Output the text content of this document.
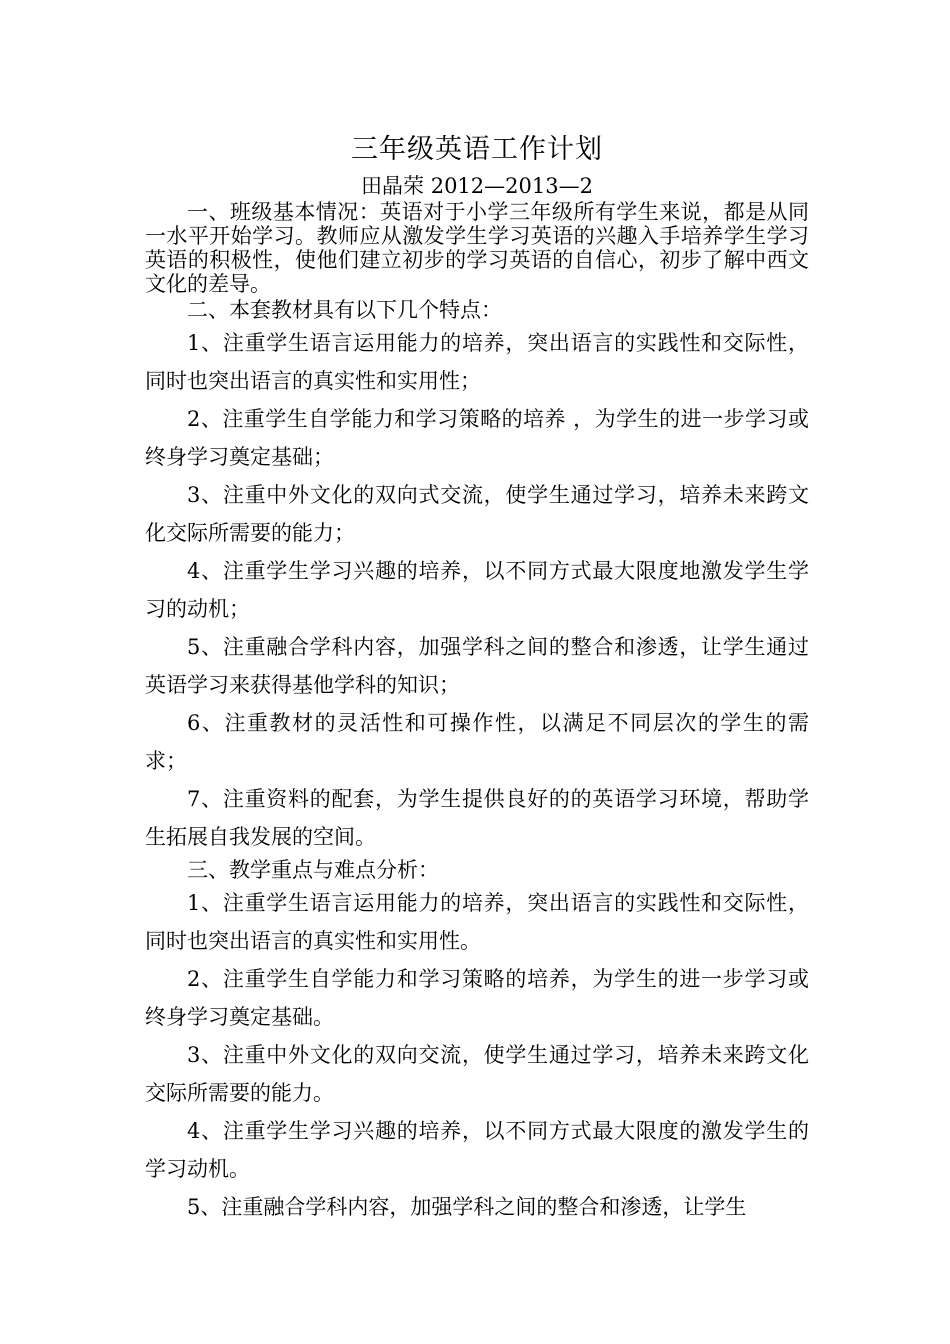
三年级英语工作计划
田晶荣 2012—2013—2

一、班级基本情况：英语对于小学三年级所有学生来说，都是从同一水平开始学习。教师应从激发学生学习英语的兴趣入手培养学生学习英语的积极性，使他们建立初步的学习英语的自信心，初步了解中西文文化的差导。

二、本套教材具有以下几个特点：

1、注重学生语言运用能力的培养，突出语言的实践性和交际性，同时也突出语言的真实性和实用性；

2、注重学生自学能力和学习策略的培养 ，为学生的进一步学习或终身学习奠定基础；

3、注重中外文化的双向式交流，使学生通过学习，培养未来跨文化交际所需要的能力；

4、注重学生学习兴趣的培养，以不同方式最大限度地激发学生学习的动机；

5、注重融合学科内容，加强学科之间的整合和渗透，让学生通过英语学习来获得基他学科的知识；

6、注重教材的灵活性和可操作性，以满足不同层次的学生的需求；

7、注重资料的配套，为学生提供良好的的英语学习环境，帮助学生拓展自我发展的空间。

三、教学重点与难点分析：

1、注重学生语言运用能力的培养，突出语言的实践性和交际性，同时也突出语言的真实性和实用性。

2、注重学生自学能力和学习策略的培养，为学生的进一步学习或终身学习奠定基础。

3、注重中外文化的双向交流，使学生通过学习，培养未来跨文化交际所需要的能力。

4、注重学生学习兴趣的培养，以不同方式最大限度的激发学生的学习动机。

5、注重融合学科内容，加强学科之间的整合和渗透，让学生
